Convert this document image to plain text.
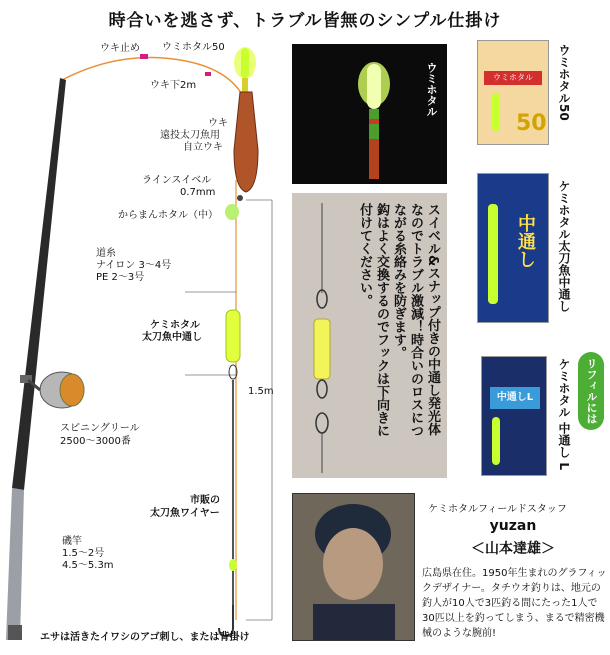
時合いを逃さず、トラブル皆無のシンプル仕掛け
ウキ止め ウミホタル50
ウキ下2m
ウキ
遠投太刀魚用
自立ウキ
ラインスイベル
0.7mm
からまんホタル（中）
道糸
ナイロン 3〜4号
PE 2〜3号
ケミホタル
太刀魚中通し
1.5m
スピニングリール
2500〜3000番
市販の
太刀魚ワイヤー
磯竿
1.5〜2号
4.5〜5.3m
エサは活きたイワシのアゴ刺し、または背掛け
ウミホタル
スイベル&スナップ付きの中通し発光体
なのでトラブル激減！時合いのロスにつ
ながる糸絡みを防ぎます。
鈎はよく交換するのでフックは下向きに
付けてください。
ウミホタル
50
ウミホタル50
中通し ケミホタル太刀魚中通し
中通しL	ケミホタル 中通し L	リフィルには
ケミホタルフィールドスタッフ
yuzan
＜山本達雄＞
広島県在住。1950年生まれのグラフィックデザイナー。タチウオ釣りは、地元の釣人が10人で3匹釣る間にたった1人で30匹以上を釣ってしまう、まるで精密機械のような腕前!
